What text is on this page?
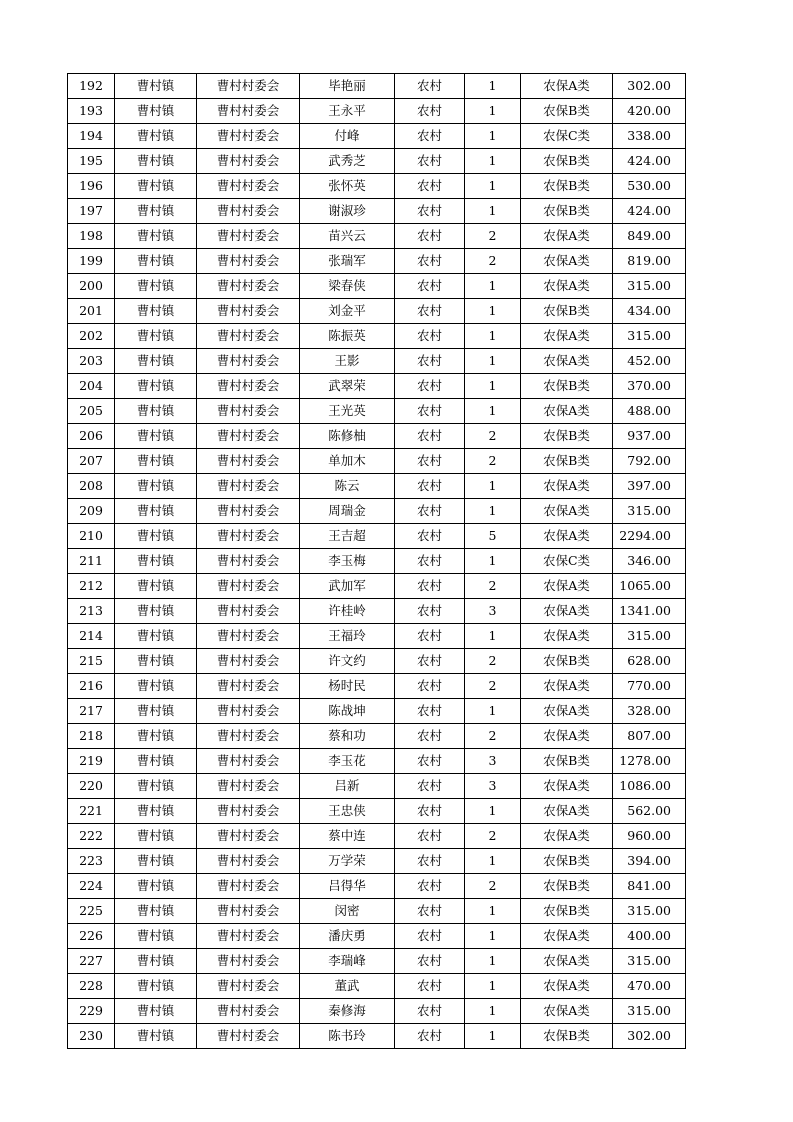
192	曹村镇	曹村村委会	毕艳丽	农村	1	农保A类	302.00
193	曹村镇	曹村村委会	王永平	农村	1	农保B类	420.00
194	曹村镇	曹村村委会	付峰	农村	1	农保C类	338.00
195	曹村镇	曹村村委会	武秀芝	农村	1	农保B类	424.00
196	曹村镇	曹村村委会	张怀英	农村	1	农保B类	530.00
197	曹村镇	曹村村委会	谢淑珍	农村	1	农保B类	424.00
198	曹村镇	曹村村委会	苗兴云	农村	2	农保A类	849.00
199	曹村镇	曹村村委会	张瑞军	农村	2	农保A类	819.00
200	曹村镇	曹村村委会	梁春侠	农村	1	农保A类	315.00
201	曹村镇	曹村村委会	刘金平	农村	1	农保B类	434.00
202	曹村镇	曹村村委会	陈振英	农村	1	农保A类	315.00
203	曹村镇	曹村村委会	王影	农村	1	农保A类	452.00
204	曹村镇	曹村村委会	武翠荣	农村	1	农保B类	370.00
205	曹村镇	曹村村委会	王光英	农村	1	农保A类	488.00
206	曹村镇	曹村村委会	陈修柚	农村	2	农保B类	937.00
207	曹村镇	曹村村委会	单加木	农村	2	农保B类	792.00
208	曹村镇	曹村村委会	陈云	农村	1	农保A类	397.00
209	曹村镇	曹村村委会	周瑞金	农村	1	农保A类	315.00
210	曹村镇	曹村村委会	王吉超	农村	5	农保A类	2294.00
211	曹村镇	曹村村委会	李玉梅	农村	1	农保C类	346.00
212	曹村镇	曹村村委会	武加军	农村	2	农保A类	1065.00
213	曹村镇	曹村村委会	许桂岭	农村	3	农保A类	1341.00
214	曹村镇	曹村村委会	王福玲	农村	1	农保A类	315.00
215	曹村镇	曹村村委会	许文约	农村	2	农保B类	628.00
216	曹村镇	曹村村委会	杨时民	农村	2	农保A类	770.00
217	曹村镇	曹村村委会	陈战坤	农村	1	农保A类	328.00
218	曹村镇	曹村村委会	蔡和功	农村	2	农保A类	807.00
219	曹村镇	曹村村委会	李玉花	农村	3	农保B类	1278.00
220	曹村镇	曹村村委会	吕新	农村	3	农保A类	1086.00
221	曹村镇	曹村村委会	王忠侠	农村	1	农保A类	562.00
222	曹村镇	曹村村委会	蔡中连	农村	2	农保A类	960.00
223	曹村镇	曹村村委会	万学荣	农村	1	农保B类	394.00
224	曹村镇	曹村村委会	吕得华	农村	2	农保B类	841.00
225	曹村镇	曹村村委会	闵密	农村	1	农保B类	315.00
226	曹村镇	曹村村委会	潘庆勇	农村	1	农保A类	400.00
227	曹村镇	曹村村委会	李瑞峰	农村	1	农保A类	315.00
228	曹村镇	曹村村委会	董武	农村	1	农保A类	470.00
229	曹村镇	曹村村委会	秦修海	农村	1	农保A类	315.00
230	曹村镇	曹村村委会	陈书玲	农村	1	农保B类	302.00
